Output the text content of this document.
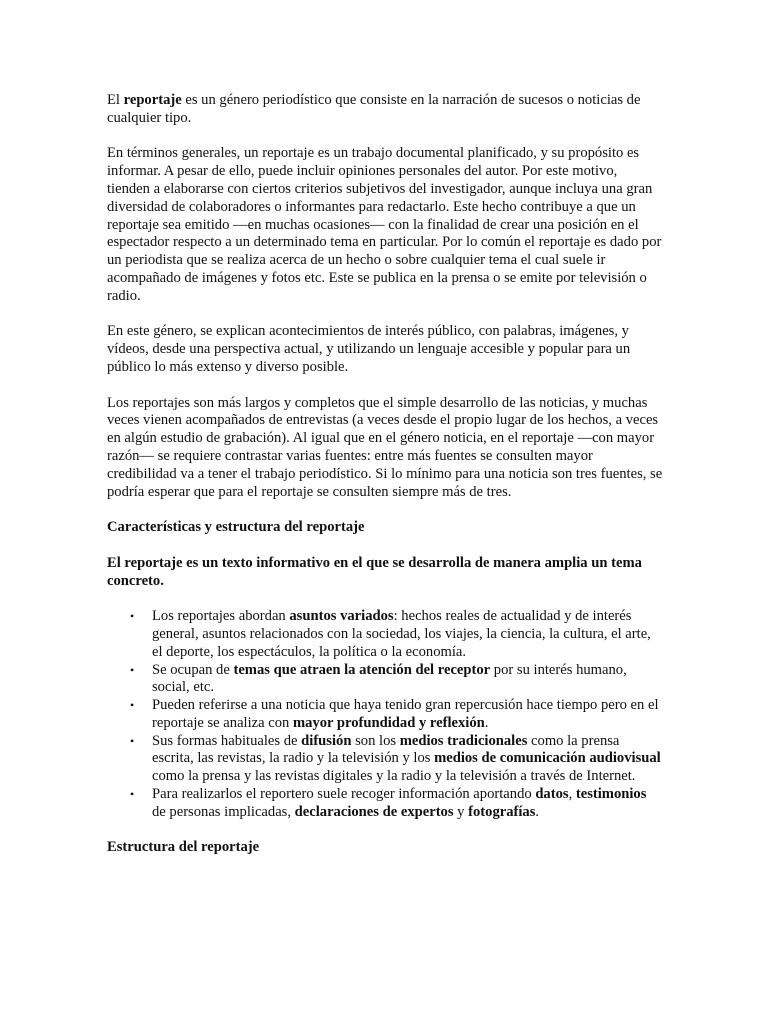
El reportaje es un género periodístico que consiste en la narración de sucesos o noticias de cualquier tipo.

En términos generales, un reportaje es un trabajo documental planificado, y su propósito es informar. A pesar de ello, puede incluir opiniones personales del autor. Por este motivo, tienden a elaborarse con ciertos criterios subjetivos del investigador, aunque incluya una gran diversidad de colaboradores o informantes para redactarlo. Este hecho contribuye a que un reportaje sea emitido —en muchas ocasiones— con la finalidad de crear una posición en el espectador respecto a un determinado tema en particular. Por lo común el reportaje es dado por un periodista que se realiza acerca de un hecho o sobre cualquier tema el cual suele ir acompañado de imágenes y fotos etc. Este se publica en la prensa o se emite por televisión o radio.

En este género, se explican acontecimientos de interés público, con palabras, imágenes, y vídeos, desde una perspectiva actual, y utilizando un lenguaje accesible y popular para un público lo más extenso y diverso posible.

Los reportajes son más largos y completos que el simple desarrollo de las noticias, y muchas veces vienen acompañados de entrevistas (a veces desde el propio lugar de los hechos, a veces en algún estudio de grabación). Al igual que en el género noticia, en el reportaje —con mayor razón— se requiere contrastar varias fuentes: entre más fuentes se consulten mayor credibilidad va a tener el trabajo periodístico. Si lo mínimo para una noticia son tres fuentes, se podría esperar que para el reportaje se consulten siempre más de tres.

Características y estructura del reportaje

El reportaje es un texto informativo en el que se desarrolla de manera amplia un tema concreto.

• Los reportajes abordan asuntos variados: hechos reales de actualidad y de interés general, asuntos relacionados con la sociedad, los viajes, la ciencia, la cultura, el arte, el deporte, los espectáculos, la política o la economía.
• Se ocupan de temas que atraen la atención del receptor por su interés humano, social, etc.
• Pueden referirse a una noticia que haya tenido gran repercusión hace tiempo pero en el reportaje se analiza con mayor profundidad y reflexión.
• Sus formas habituales de difusión son los medios tradicionales como la prensa escrita, las revistas, la radio y la televisión y los medios de comunicación audiovisual como la prensa y las revistas digitales y la radio y la televisión a través de Internet.
• Para realizarlos el reportero suele recoger información aportando datos, testimonios de personas implicadas, declaraciones de expertos y fotografías.

Estructura del reportaje
